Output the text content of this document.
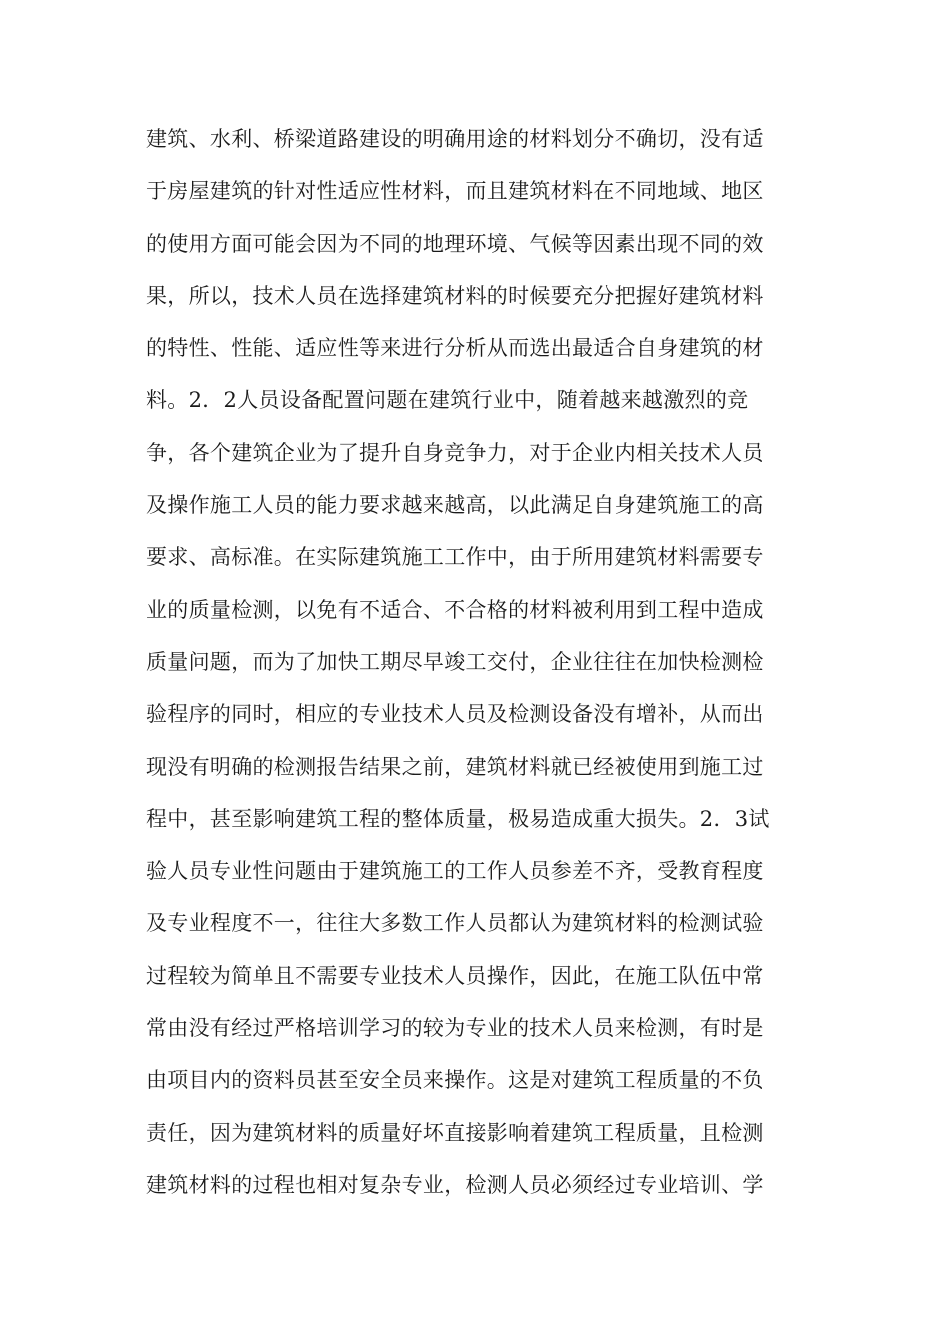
建筑、水利、桥梁道路建设的明确用途的材料划分不确切，没有适
于房屋建筑的针对性适应性材料，而且建筑材料在不同地域、地区
的使用方面可能会因为不同的地理环境、气候等因素出现不同的效
果，所以，技术人员在选择建筑材料的时候要充分把握好建筑材料
的特性、性能、适应性等来进行分析从而选出最适合自身建筑的材
料。2．2人员设备配置问题在建筑行业中，随着越来越激烈的竞
争，各个建筑企业为了提升自身竞争力，对于企业内相关技术人员
及操作施工人员的能力要求越来越高，以此满足自身建筑施工的高
要求、高标准。在实际建筑施工工作中，由于所用建筑材料需要专
业的质量检测，以免有不适合、不合格的材料被利用到工程中造成
质量问题，而为了加快工期尽早竣工交付，企业往往在加快检测检
验程序的同时，相应的专业技术人员及检测设备没有增补，从而出
现没有明确的检测报告结果之前，建筑材料就已经被使用到施工过
程中，甚至影响建筑工程的整体质量，极易造成重大损失。2．3试
验人员专业性问题由于建筑施工的工作人员参差不齐，受教育程度
及专业程度不一，往往大多数工作人员都认为建筑材料的检测试验
过程较为简单且不需要专业技术人员操作，因此，在施工队伍中常
常由没有经过严格培训学习的较为专业的技术人员来检测，有时是
由项目内的资料员甚至安全员来操作。这是对建筑工程质量的不负
责任，因为建筑材料的质量好坏直接影响着建筑工程质量，且检测
建筑材料的过程也相对复杂专业，检测人员必须经过专业培训、学
